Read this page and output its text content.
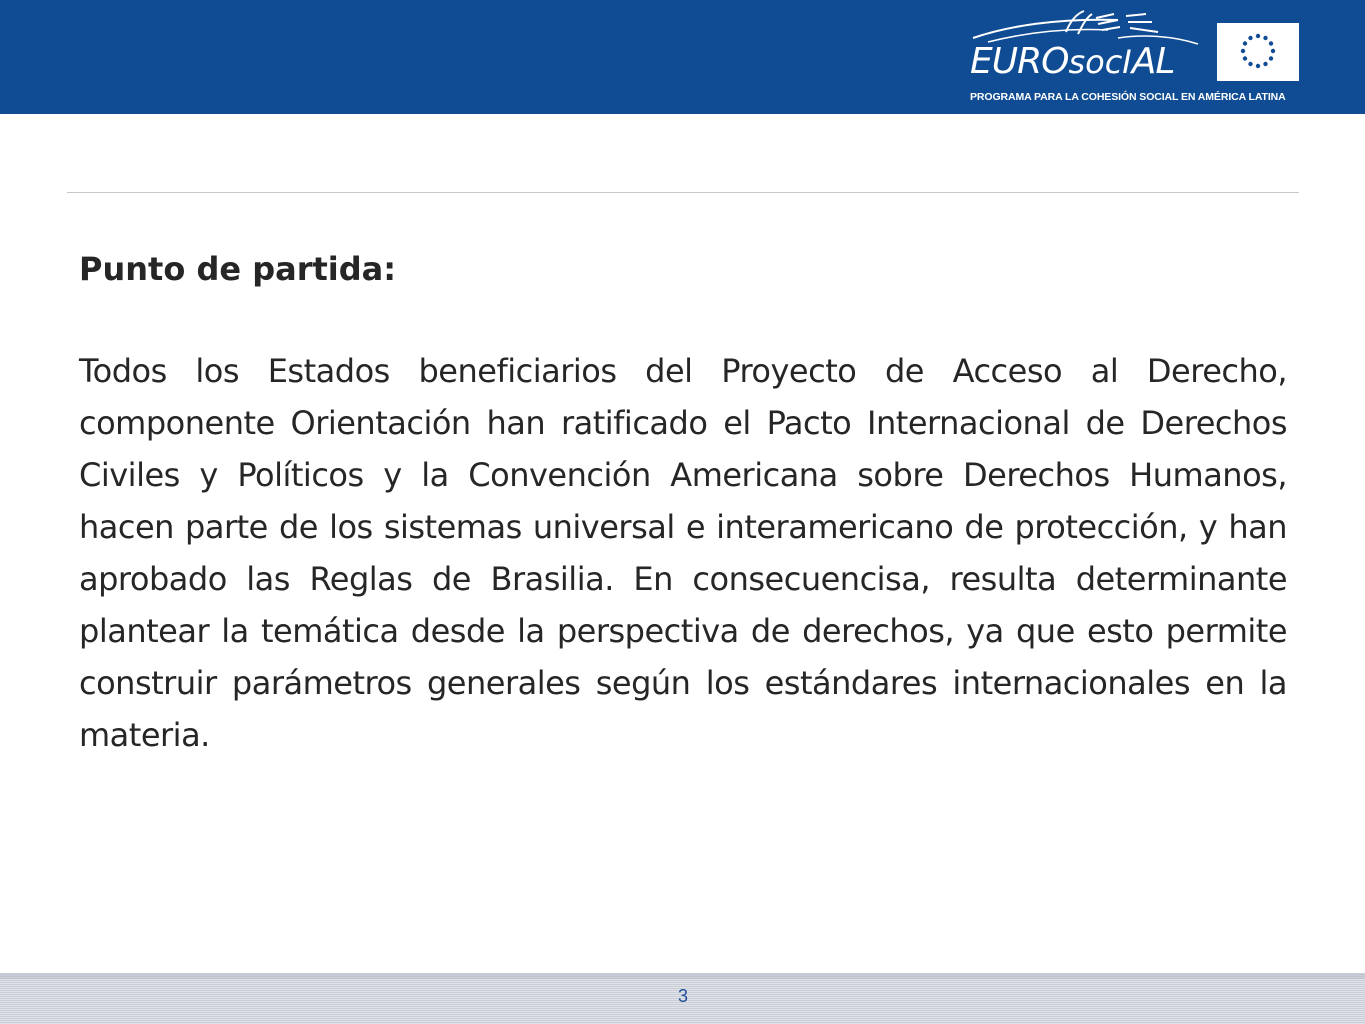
EUROsocIAL
PROGRAMA PARA LA COHESIÓN SOCIAL EN AMÉRICA LATINA
Punto de partida:

Todos los Estados beneficiarios del Proyecto de Acceso al Derecho, componente Orientación han ratificado el Pacto Internacional de Derechos Civiles y Políticos y la Convención Americana sobre Derechos Humanos, hacen parte de los sistemas universal e interamericano de protección, y han aprobado las Reglas de Brasilia. En consecuencisa, resulta determinante plantear la temática desde la perspectiva de derechos, ya que esto permite construir parámetros generales según los estándares internacionales en la materia.

3
